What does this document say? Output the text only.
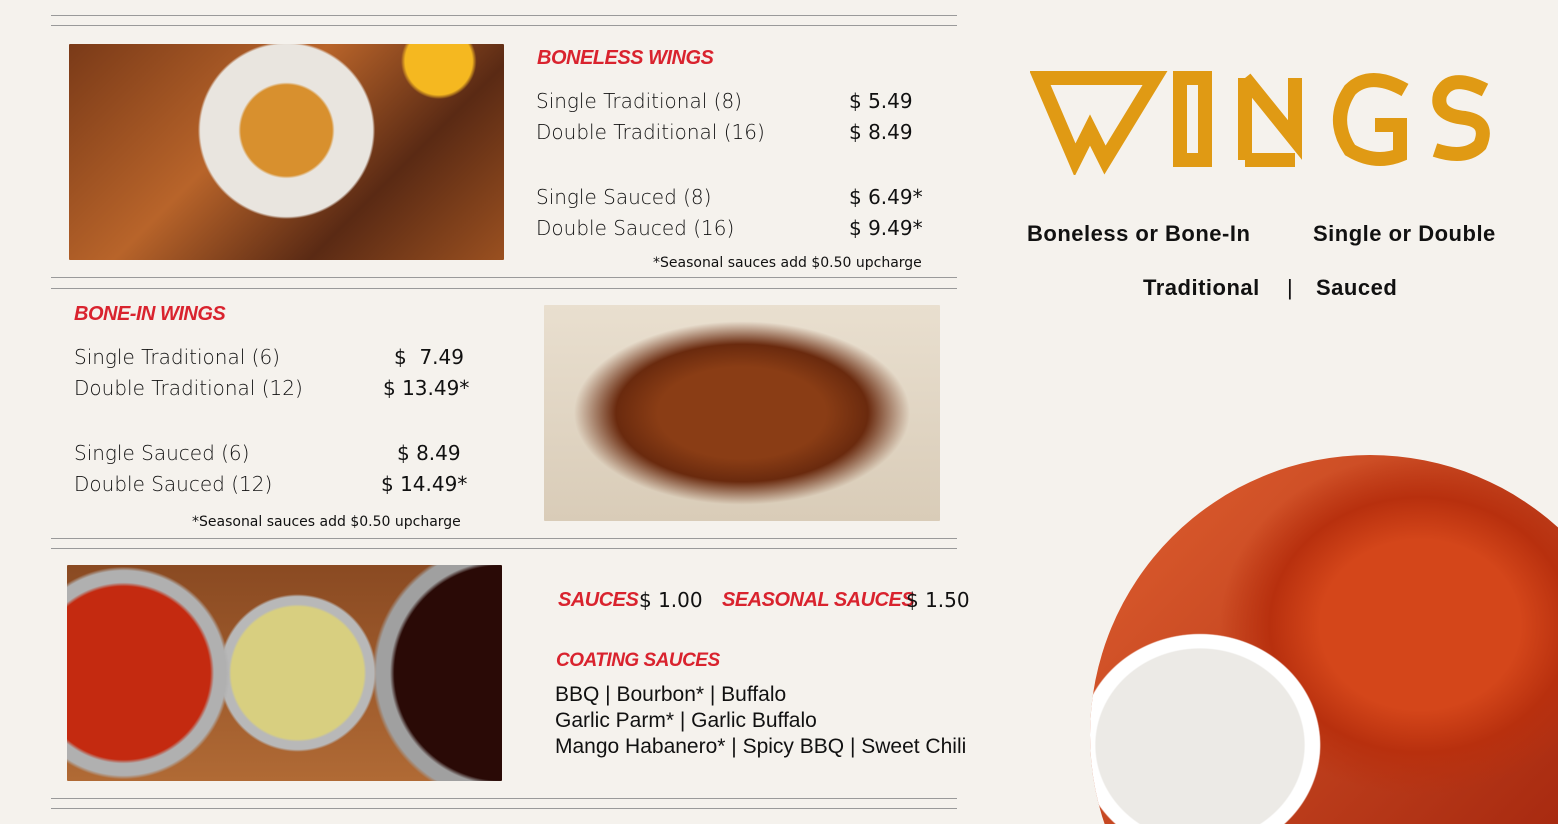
Boneless or Bone-In	Single or Double
Traditional | Sauced
BONELESS WINGS
Single Traditional (8)	$ 5.49
Double Traditional (16)	$ 8.49
Single Sauced (8)	$ 6.49*
Double Sauced (16)	$ 9.49*
*Seasonal sauces add $0.50 upcharge
BONE-IN WINGS
Single Traditional (6)	$  7.49
Double Traditional (12)	$ 13.49*
Single Sauced (6)	$ 8.49
Double Sauced (12)	$ 14.49*
*Seasonal sauces add $0.50 upcharge
SAUCES $ 1.00 SEASONAL SAUCES
$ 1.50
COATING SAUCES
BBQ | Bourbon* | Buffalo
Garlic Parm* | Garlic Buffalo
Mango Habanero* | Spicy BBQ | Sweet Chili
